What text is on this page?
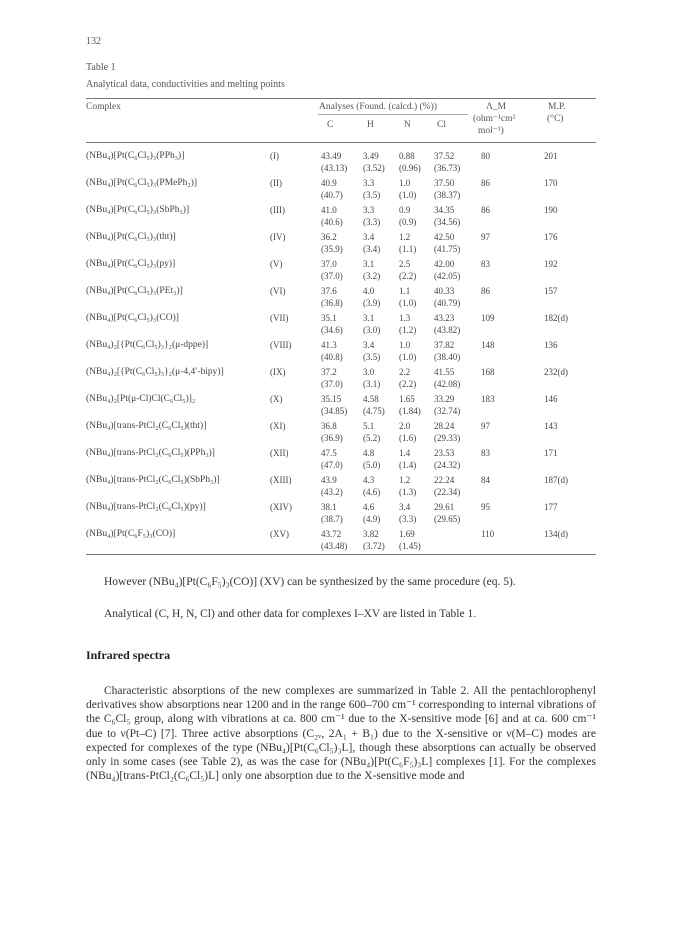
132
Table 1
Analytical data, conductivities and melting points
Complex	Analyses (Found. (calcd.) (%))
C	H	N	Cl
Λ_M
(ohm⁻¹cm²
mol⁻¹)
M.P.
(°C)
(NBu₄)[Pt(C₆Cl₅)₃(PPh₃)]	(I)	43.49 3.49 0.88 37.52
(43.13) (3.52) (0.96) (36.73)
80	201
(NBu₄)[Pt(C₆Cl₅)₃(PMePh₂)]	(II)	40.9	3.3	1.0	37.50
(40.7) (3.5) (1.0) (38.37)
86	170
(NBu₄)[Pt(C₆Cl₅)₃(SbPh₃)]	(III)	41.0	3.3	0.9	34.35
(40.6) (3.3) (0.9) (34.56)
86	190
(NBu₄)[Pt(C₆Cl₅)₃(tht)]	(IV)	36.2	3.4	1.2	42.50
(35.9) (3.4) (1.1) (41.75)
97	176
(NBu₄)[Pt(C₆Cl₅)₃(py)]	(V)	37.0	3.1	2.5	42.00
(37.0) (3.2) (2.2) (42.05)
83	192
(NBu₄)[Pt(C₆Cl₅)₃(PEt₃)]	(VI)	37.6	4.0	1.1	40.33
(36.8) (3.9) (1.0) (40.79)
86	157
(NBu₄)[Pt(C₆Cl₅)₃(CO)]	(VII)	35.1	3.1	1.3	43.23
(34.6) (3.0) (1.2) (43.82)
109	182(d)
(NBu₄)₂[{Pt(C₆Cl₅)₃}₂(μ-dppe)]	(VIII)	41.3	3.4	1.0	37.82
(40.8) (3.5) (1.0) (38.40)
148	136
(NBu₄)₂[{Pt(C₆Cl₅)₃}₂(μ-4,4′-bipy)]	(IX)	37.2	3.0	2.2	41.55
(37.0) (3.1) (2.2) (42.08)
168	232(d)
(NBu₄)₂[Pt(μ-Cl)Cl(C₆Cl₅)]₂	(X)	35.15 4.58 1.65 33.29
(34.85) (4.75) (1.84) (32.74)
183	146
(NBu₄)[trans-PtCl₂(C₆Cl₅)(tht)]	(XI)	36.8	5.1	2.0	28.24
(36.9) (5.2) (1.6) (29.33)
97	143
(NBu₄)[trans-PtCl₂(C₆Cl₅)(PPh₃)]	(XII)	47.5	4.8	1.4	23.53
(47.0) (5.0) (1.4) (24.32)
83	171
(NBu₄)[trans-PtCl₂(C₆Cl₅)(SbPh₃)]	(XIII)	43.9	4.3	1.2	22.24
(43.2) (4.6) (1.3) (22.34)
84	187(d)
(NBu₄)[trans-PtCl₂(C₆Cl₅)(py)]	(XIV)	38.1	4.6	3.4	29.61
(38.7) (4.9) (3.3) (29.65)
95	177
(NBu₄)[Pt(C₆F₅)₃(CO)]	(XV)	43.72 3.82 1.69
(43.48) (3.72) (1.45)
110	134(d)
However (NBu₄)[Pt(C₆F₅)₃(CO)] (XV) can be synthesized by the same procedure (eq. 5).
Analytical (C, H, N, Cl) and other data for complexes I–XV are listed in Table 1.
Infrared spectra
Characteristic absorptions of the new complexes are summarized in Table 2. All the pentachlorophenyl derivatives show absorptions near 1200 and in the range 600–700 cm⁻¹ corresponding to internal vibrations of the C₆Cl₅ group, along with vibrations at ca. 800 cm⁻¹ due to the X-sensitive mode [6] and at ca. 600 cm⁻¹ due to ν(Pt–C) [7]. Three active absorptions (C₂ᵥ, 2A₁ + B₁) due to the X-sensitive or ν(M–C) modes are expected for complexes of the type (NBu₄)[Pt(C₆Cl₅)₃L], though these absorptions can actually be observed only in some cases (see Table 2), as was the case for (NBu₄)[Pt(C₆F₅)₃L] complexes [1]. For the complexes (NBu₄)[trans-PtCl₂(C₆Cl₅)L] only one absorption due to the X-sensitive mode and
